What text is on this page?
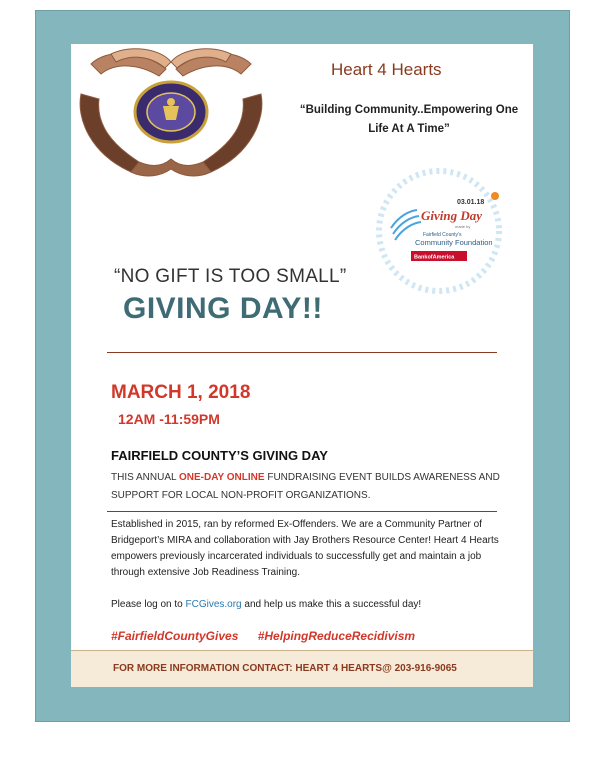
Heart 4 Hearts
“Building Community..Empowering One Life At A Time”
03.01.18
Giving Day
made by
Fairfield County's
Community Foundation
BankofAmerica
“NO GIFT IS TOO SMALL”
GIVING DAY!!
MARCH 1, 2018
12AM -11:59PM
FAIRFIELD COUNTY’S GIVING DAY
THIS ANNUAL ONE-DAY ONLINE FUNDRAISING EVENT BUILDS AWARENESS AND SUPPORT FOR LOCAL NON-PROFIT ORGANIZATIONS.
Established in 2015, ran by reformed Ex-Offenders. We are a Community Partner of Bridgeport’s MIRA and collaboration with Jay Brothers Resource Center! Heart 4 Hearts empowers previously incarcerated individuals to successfully get and maintain a job through extensive Job Readiness Training.
Please log on to FCGives.org and help us make this a successful day!
#FairfieldCountyGives #HelpingReduceRecidivism
FOR MORE INFORMATION CONTACT: HEART 4 HEARTS@ 203-916-9065
